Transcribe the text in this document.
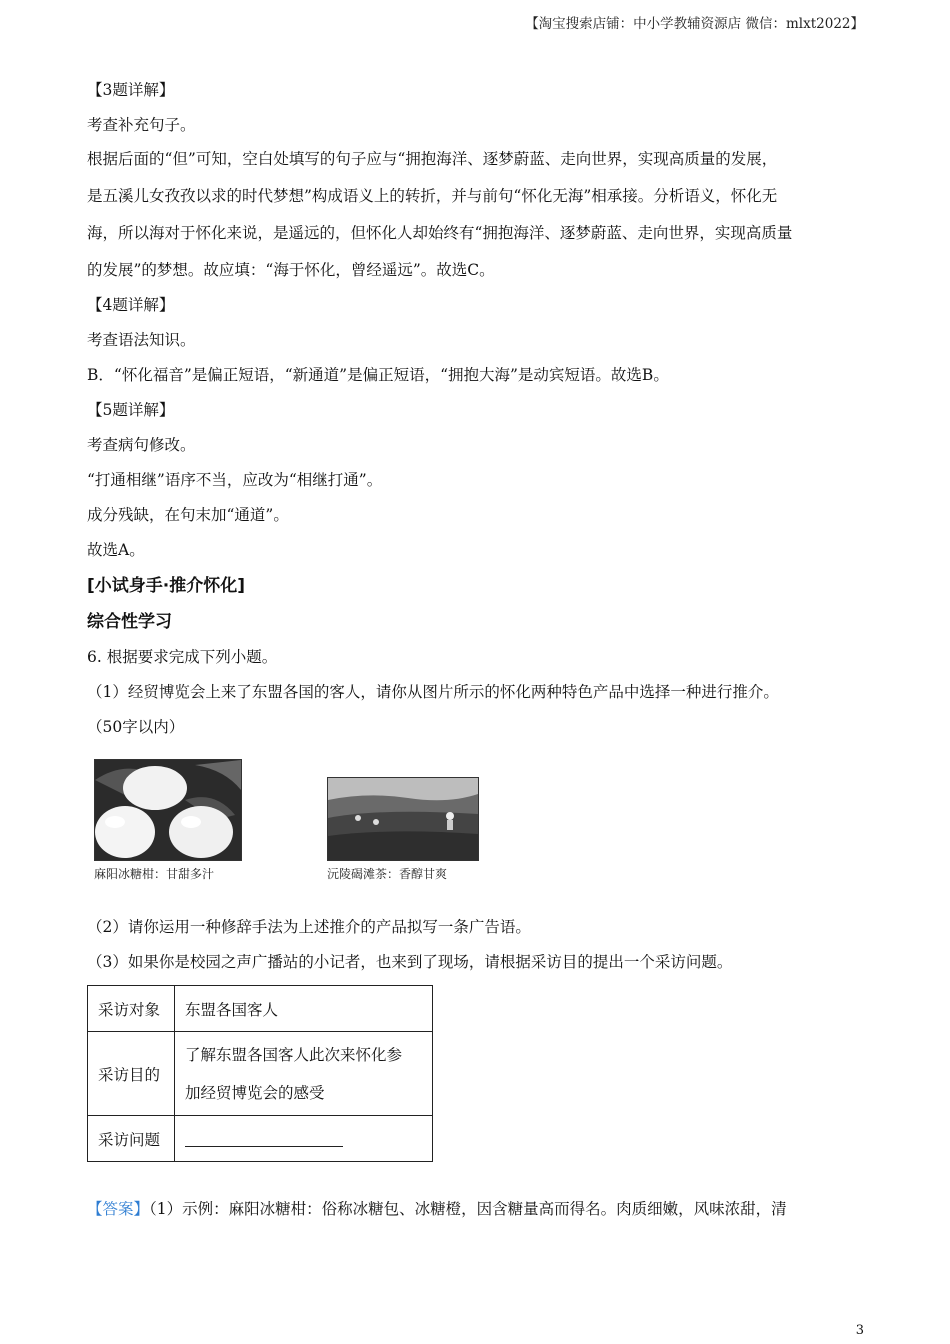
【淘宝搜索店铺：中小学教辅资源店 微信：mlxt2022】
【3题详解】
考查补充句子。
根据后面的“但”可知，空白处填写的句子应与“拥抱海洋、逐梦蔚蓝、走向世界，实现高质量的发展，
是五溪儿女孜孜以求的时代梦想”构成语义上的转折，并与前句“怀化无海”相承接。分析语义，怀化无
海，所以海对于怀化来说，是遥远的，但怀化人却始终有“拥抱海洋、逐梦蔚蓝、走向世界，实现高质量
的发展”的梦想。故应填：“海于怀化，曾经遥远”。故选C。
【4题详解】
考查语法知识。
B．“怀化福音”是偏正短语，“新通道”是偏正短语，“拥抱大海”是动宾短语。故选B。
【5题详解】
考查病句修改。
“打通相继”语序不当，应改为“相继打通”。
成分残缺，在句末加“通道”。
故选A。
[小试身手·推介怀化]
综合性学习
6. 根据要求完成下列小题。
（1）经贸博览会上来了东盟各国的客人，请你从图片所示的怀化两种特色产品中选择一种进行推介。
（50字以内）
麻阳冰糖柑：甘甜多汁	沅陵碣滩茶：香醇甘爽
（2）请你运用一种修辞手法为上述推介的产品拟写一条广告语。
（3）如果你是校园之声广播站的小记者，也来到了现场，请根据采访目的提出一个采访问题。
采访对象	东盟各国客人
采访目的	了解东盟各国客人此次来怀化参
加经贸博览会的感受

采访问题	
【答案】（1）示例：麻阳冰糖柑：俗称冰糖包、冰糖橙，因含糖量高而得名。肉质细嫩，风味浓甜，清
3
